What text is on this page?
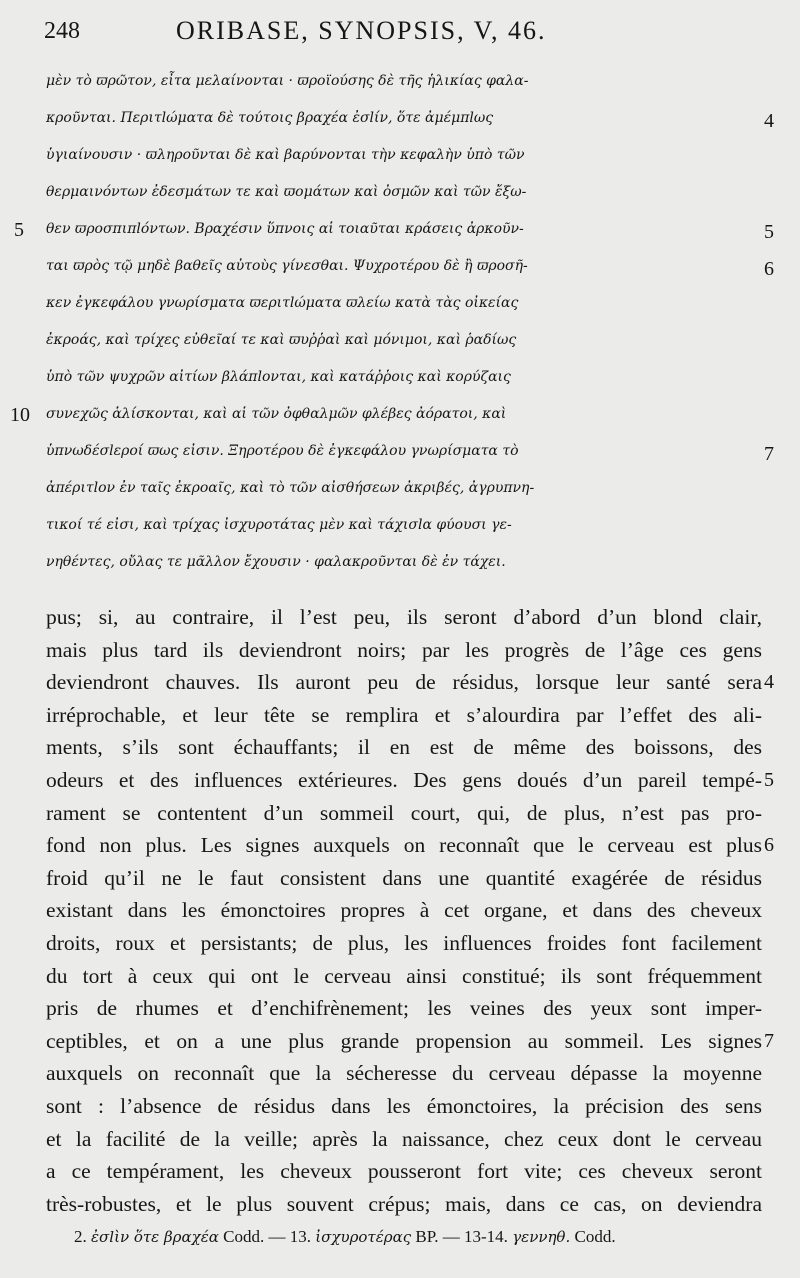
248	ORIBASE, SYNOPSIS, V, 46.
μὲν τὸ ϖρῶτον, εἶτα μελαίνονται · ϖροϊούσης δὲ τῆς ἡλικίας φαλα-
κροῦνται. Περιτlώματα δὲ τούτοις βραχέα ἐσlίν, ὅτε ἀμέμπlως
ὑγιαίνουσιν · ϖληροῦνται δὲ καὶ βαρύνονται τὴν κεφαλὴν ὑπὸ τῶν
θερμαινόντων ἐδεσμάτων τε καὶ ϖομάτων καὶ ὀσμῶν καὶ τῶν ἔξω-
θεν ϖροσπιπlόντων. Βραχέσιν ὕπνοις αἱ τοιαῦται κράσεις ἀρκοῦν-
ται ϖρὸς τῷ μηδὲ βαθεῖς αὐτοὺς γίνεσθαι. Ψυχροτέρου δὲ ἢ ϖροσῆ-
κεν ἐγκεφάλου γνωρίσματα ϖεριτlώματα ϖλείω κατὰ τὰς οἰκείας
ἐκροάς, καὶ τρίχες εὐθεῖαί τε καὶ ϖυῤῥαὶ καὶ μόνιμοι, καὶ ῥαδίως
ὑπὸ τῶν ψυχρῶν αἰτίων βλάπlονται, καὶ κατάῤῥοις καὶ κορύζαις
συνεχῶς ἁλίσκονται, καὶ αἱ τῶν ὀφθαλμῶν φλέβες ἀόρατοι, καὶ
ὑπνωδέσlεροί ϖως εἰσιν. Ξηροτέρου δὲ ἐγκεφάλου γνωρίσματα τὸ
ἀπέριτlον ἐν ταῖς ἐκροαῖς, καὶ τὸ τῶν αἰσθήσεων ἀκριβές, ἀγρυπνη-
τικοί τέ εἰσι, καὶ τρίχας ἰσχυροτάτας μὲν καὶ τάχισlα φύουσι γε-
νηθέντες, οὔλας τε μᾶλλον ἔχουσιν · φαλακροῦνται δὲ ἐν τάχει.
pus; si, au contraire, il l’est peu, ils seront d’abord d’un blond clair,
mais plus tard ils deviendront noirs; par les progrès de l’âge ces gens
deviendront chauves. Ils auront peu de résidus, lorsque leur santé sera
irréprochable, et leur tête se remplira et s’alourdira par l’effet des ali-
ments, s’ils sont échauffants; il en est de même des boissons, des
odeurs et des influences extérieures. Des gens doués d’un pareil tempé-
rament se contentent d’un sommeil court, qui, de plus, n’est pas pro-
fond non plus. Les signes auxquels on reconnaît que le cerveau est plus
froid qu’il ne le faut consistent dans une quantité exagérée de résidus
existant dans les émonctoires propres à cet organe, et dans des cheveux
droits, roux et persistants; de plus, les influences froides font facilement
du tort à ceux qui ont le cerveau ainsi constitué; ils sont fréquemment
pris de rhumes et d’enchifrènement; les veines des yeux sont imper-
ceptibles, et on a une plus grande propension au sommeil. Les signes
auxquels on reconnaît que la sécheresse du cerveau dépasse la moyenne
sont : l’absence de résidus dans les émonctoires, la précision des sens
et la facilité de la veille; après la naissance, chez ceux dont le cerveau
a ce tempérament, les cheveux pousseront fort vite; ces cheveux seront
très-robustes, et le plus souvent crépus; mais, dans ce cas, on deviendra
2. ἐσlὶν ὅτε βραχέα Codd. — 13. ἰσχυροτέρας BP. — 13-14. γεννηθ. Codd.
5
10
4
5
6
7
4
5
6
7
